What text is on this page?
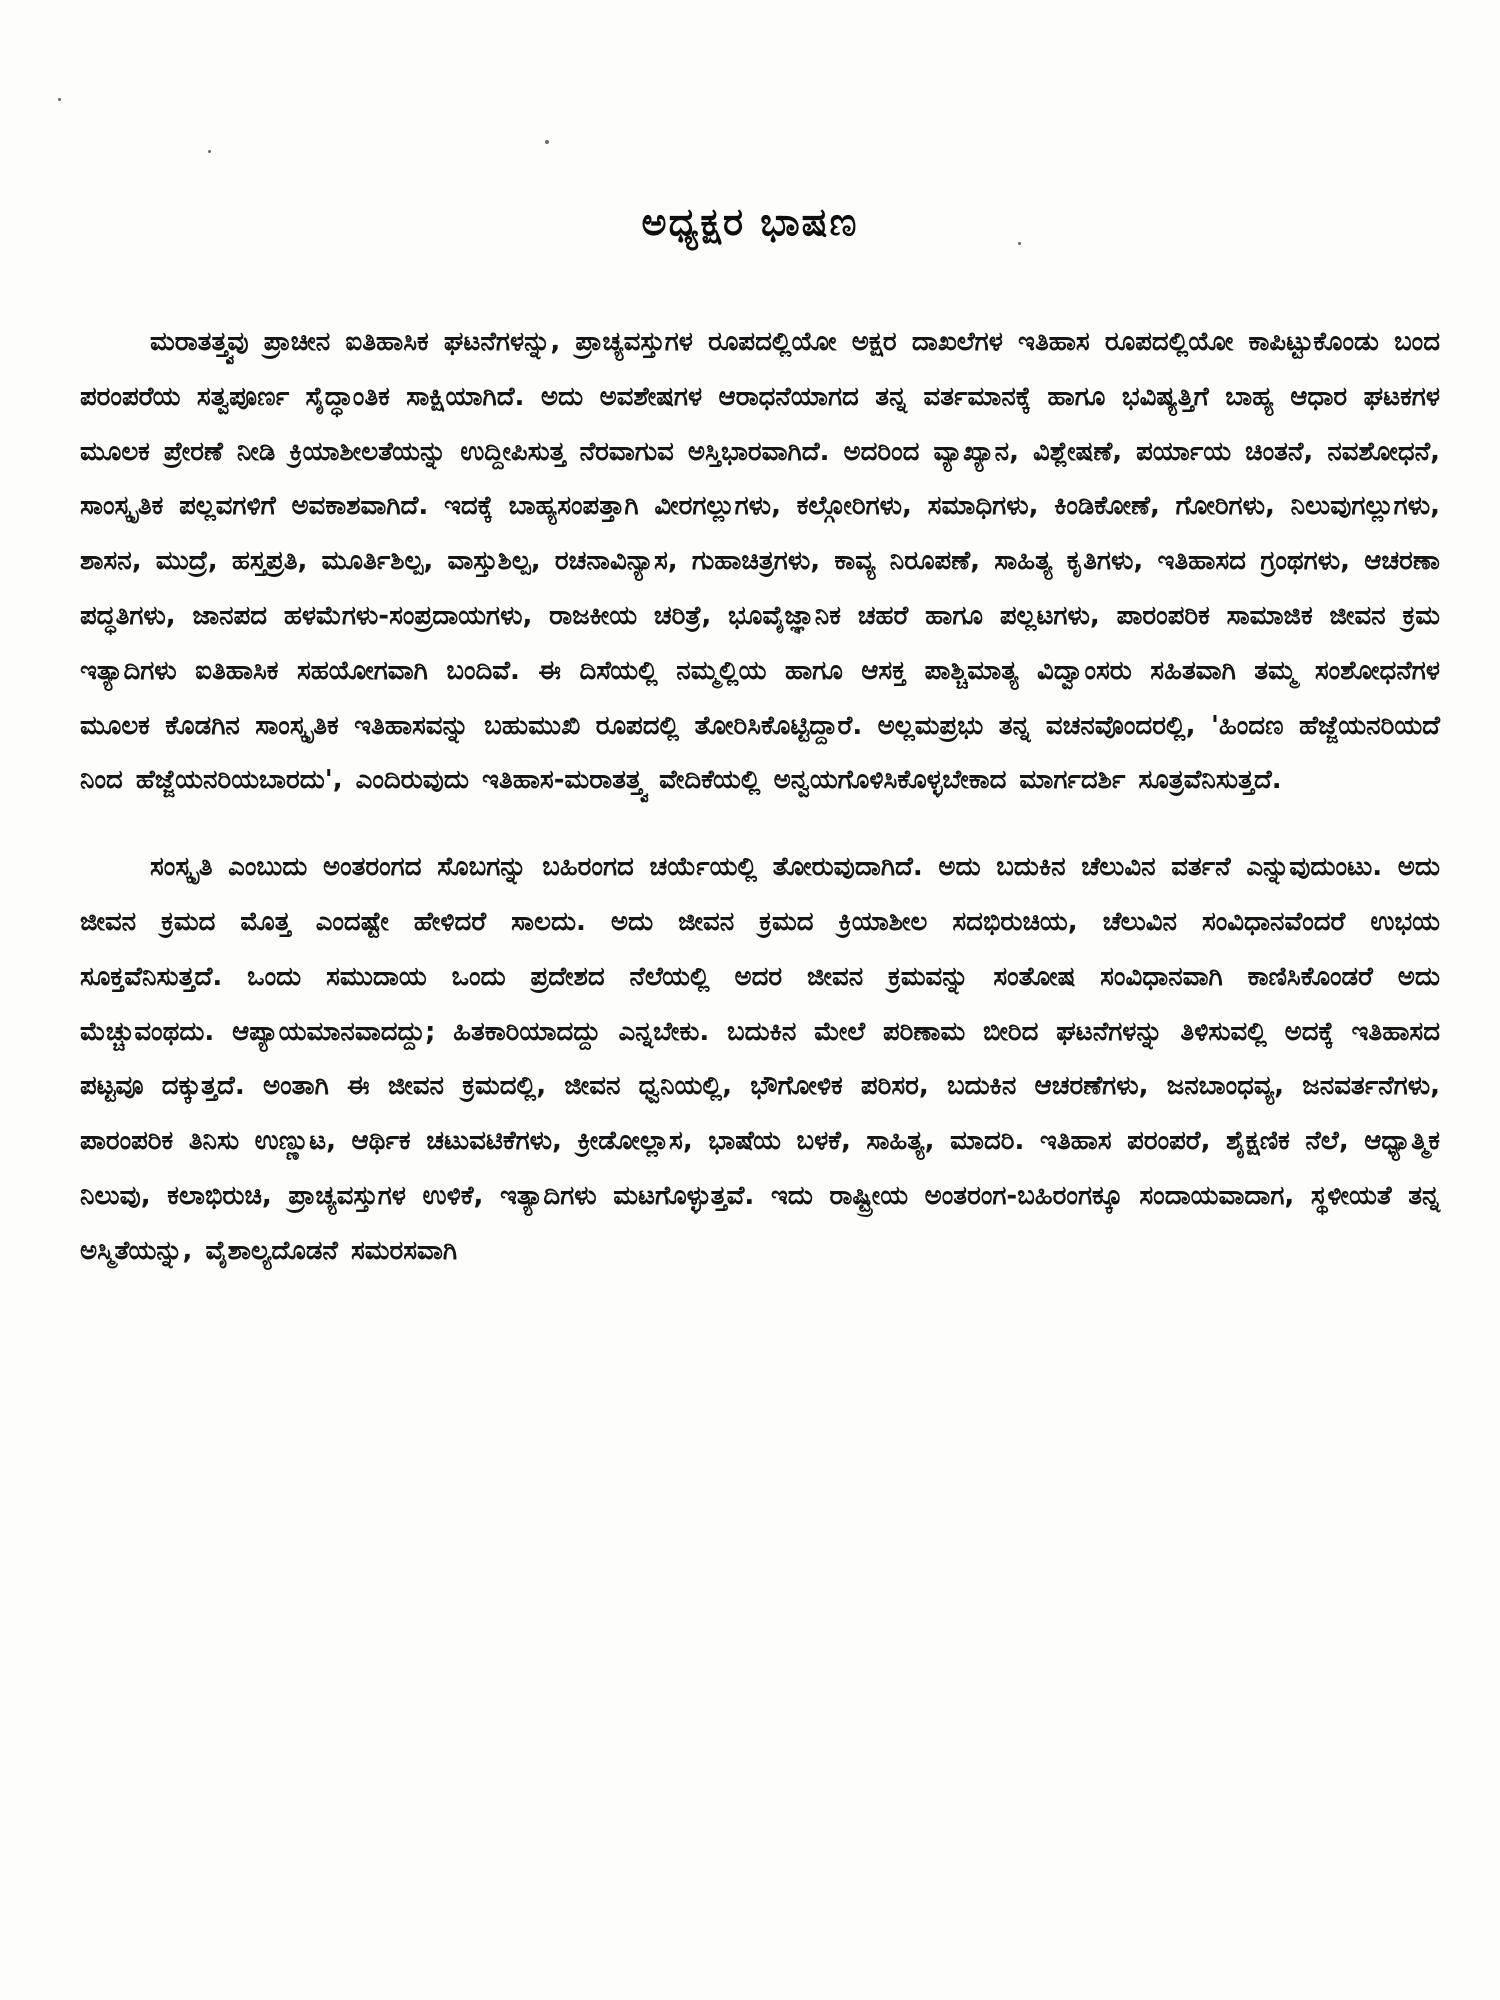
ಅಧ್ಯಕ್ಷರ ಭಾಷಣ

ಮರಾತತ್ತ್ವವು ಪ್ರಾಚೀನ ಐತಿಹಾಸಿಕ ಘಟನೆಗಳನ್ನು, ಪ್ರಾಚ್ಯವಸ್ತುಗಳ ರೂಪದಲ್ಲಿಯೋ ಅಕ್ಷರ ದಾಖಲೆಗಳ ಇತಿಹಾಸ ರೂಪದಲ್ಲಿಯೋ ಕಾಪಿಟ್ಟುಕೊಂಡು ಬಂದ ಪರಂಪರೆಯ ಸತ್ವಪೂರ್ಣ ಸೈದ್ಧಾಂತಿಕ ಸಾಕ್ಷಿಯಾಗಿದೆ. ಅದು ಅವಶೇಷಗಳ ಆರಾಧನೆಯಾಗದ ತನ್ನ ವರ್ತಮಾನಕ್ಕೆ ಹಾಗೂ ಭವಿಷ್ಯತ್ತಿಗೆ ಬಾಹ್ಯ ಆಧಾರ ಘಟಕಗಳ ಮೂಲಕ ಪ್ರೇರಣೆ ನೀಡಿ ಕ್ರಿಯಾಶೀಲತೆಯನ್ನು ಉದ್ದೀಪಿಸುತ್ತ ನೆರವಾಗುವ ಅಸ್ತಿಭಾರವಾಗಿದೆ. ಅದರಿಂದ ವ್ಯಾಖ್ಯಾನ, ವಿಶ್ಲೇಷಣೆ, ಪರ್ಯಾಯ ಚಿಂತನೆ, ನವಶೋಧನೆ, ಸಾಂಸ್ಕೃತಿಕ ಪಲ್ಲವಗಳಿಗೆ ಅವಕಾಶವಾಗಿದೆ. ಇದಕ್ಕೆ ಬಾಹ್ಯಸಂಪತ್ತಾಗಿ ವೀರಗಲ್ಲುಗಳು, ಕಲ್ಗೋರಿಗಳು, ಸಮಾಧಿಗಳು, ಕಿಂಡಿಕೋಣೆ, ಗೋರಿಗಳು, ನಿಲುವುಗಲ್ಲುಗಳು, ಶಾಸನ, ಮುದ್ರೆ, ಹಸ್ತಪ್ರತಿ, ಮೂರ್ತಿಶಿಲ್ಪ, ವಾಸ್ತುಶಿಲ್ಪ, ರಚನಾವಿನ್ಯಾಸ, ಗುಹಾಚಿತ್ರಗಳು, ಕಾವ್ಯ ನಿರೂಪಣೆ, ಸಾಹಿತ್ಯ ಕೃತಿಗಳು, ಇತಿಹಾಸದ ಗ್ರಂಥಗಳು, ಆಚರಣಾ ಪದ್ಧತಿಗಳು, ಜಾನಪದ ಹಳಮೆಗಳು-ಸಂಪ್ರದಾಯಗಳು, ರಾಜಕೀಯ ಚರಿತ್ರೆ, ಭೂವೈಜ್ಞಾನಿಕ ಚಹರೆ ಹಾಗೂ ಪಲ್ಲಟಗಳು, ಪಾರಂಪರಿಕ ಸಾಮಾಜಿಕ ಜೀವನ ಕ್ರಮ ಇತ್ಯಾದಿಗಳು ಐತಿಹಾಸಿಕ ಸಹಯೋಗವಾಗಿ ಬಂದಿವೆ. ಈ ದಿಸೆಯಲ್ಲಿ ನಮ್ಮಲ್ಲಿಯ ಹಾಗೂ ಆಸಕ್ತ ಪಾಶ್ಚಿಮಾತ್ಯ ವಿದ್ವಾಂಸರು ಸಹಿತವಾಗಿ ತಮ್ಮ ಸಂಶೋಧನೆಗಳ ಮೂಲಕ ಕೊಡಗಿನ ಸಾಂಸ್ಕೃತಿಕ ಇತಿಹಾಸವನ್ನು ಬಹುಮುಖಿ ರೂಪದಲ್ಲಿ ತೋರಿಸಿಕೊಟ್ಟಿದ್ದಾರೆ. ಅಲ್ಲಮಪ್ರಭು ತನ್ನ ವಚನವೊಂದರಲ್ಲಿ, 'ಹಿಂದಣ ಹೆಜ್ಜೆಯನರಿಯದೆ ನಿಂದ ಹೆಜ್ಜೆಯನರಿಯಬಾರದು', ಎಂದಿರುವುದು ಇತಿಹಾಸ-ಮರಾತತ್ತ್ವ ವೇದಿಕೆಯಲ್ಲಿ ಅನ್ವಯಗೊಳಿಸಿಕೊಳ್ಳಬೇಕಾದ ಮಾರ್ಗದರ್ಶಿ ಸೂತ್ರವೆನಿಸುತ್ತದೆ.

ಸಂಸ್ಕೃತಿ ಎಂಬುದು ಅಂತರಂಗದ ಸೊಬಗನ್ನು ಬಹಿರಂಗದ ಚರ್ಯೆಯಲ್ಲಿ ತೋರುವುದಾಗಿದೆ. ಅದು ಬದುಕಿನ ಚೆಲುವಿನ ವರ್ತನೆ ಎನ್ನುವುದುಂಟು. ಅದು ಜೀವನ ಕ್ರಮದ ಮೊತ್ತ ಎಂದಷ್ಟೇ ಹೇಳಿದರೆ ಸಾಲದು. ಅದು ಜೀವನ ಕ್ರಮದ ಕ್ರಿಯಾಶೀಲ ಸದಭಿರುಚಿಯ, ಚೆಲುವಿನ ಸಂವಿಧಾನವೆಂದರೆ ಉಭಯ ಸೂಕ್ತವೆನಿಸುತ್ತದೆ. ಒಂದು ಸಮುದಾಯ ಒಂದು ಪ್ರದೇಶದ ನೆಲೆಯಲ್ಲಿ ಅದರ ಜೀವನ ಕ್ರಮವನ್ನು ಸಂತೋಷ ಸಂವಿಧಾನವಾಗಿ ಕಾಣಿಸಿಕೊಂಡರೆ ಅದು ಮೆಚ್ಚುವಂಥದು. ಆಪ್ಯಾಯಮಾನವಾದದ್ದು; ಹಿತಕಾರಿಯಾದದ್ದು ಎನ್ನಬೇಕು. ಬದುಕಿನ ಮೇಲೆ ಪರಿಣಾಮ ಬೀರಿದ ಘಟನೆಗಳನ್ನು ತಿಳಿಸುವಲ್ಲಿ ಅದಕ್ಕೆ ಇತಿಹಾಸದ ಪಟ್ಟವೂ ದಕ್ಕುತ್ತದೆ. ಅಂತಾಗಿ ಈ ಜೀವನ ಕ್ರಮದಲ್ಲಿ, ಜೀವನ ಧ್ವನಿಯಲ್ಲಿ, ಭೌಗೋಳಿಕ ಪರಿಸರ, ಬದುಕಿನ ಆಚರಣೆಗಳು, ಜನಬಾಂಧವ್ಯ, ಜನವರ್ತನೆಗಳು, ಪಾರಂಪರಿಕ ತಿನಿಸು ಉಣ್ಣುಟ, ಆರ್ಥಿಕ ಚಟುವಟಿಕೆಗಳು, ಕ್ರೀಡೋಲ್ಲಾಸ, ಭಾಷೆಯ ಬಳಕೆ, ಸಾಹಿತ್ಯ, ಮಾದರಿ. ಇತಿಹಾಸ ಪರಂಪರೆ, ಶೈಕ್ಷಣಿಕ ನೆಲೆ, ಆಧ್ಯಾತ್ಮಿಕ ನಿಲುವು, ಕಲಾಭಿರುಚಿ, ಪ್ರಾಚ್ಯವಸ್ತುಗಳ ಉಳಿಕೆ, ಇತ್ಯಾದಿಗಳು ಮಟಗೊಳ್ಳುತ್ತವೆ. ಇದು ರಾಷ್ಟ್ರೀಯ ಅಂತರಂಗ-ಬಹಿರಂಗಕ್ಕೂ ಸಂದಾಯವಾದಾಗ, ಸ್ಥಳೀಯತೆ ತನ್ನ ಅಸ್ಮಿತೆಯನ್ನು, ವೈಶಾಲ್ಯದೊಡನೆ ಸಮರಸವಾಗಿ
